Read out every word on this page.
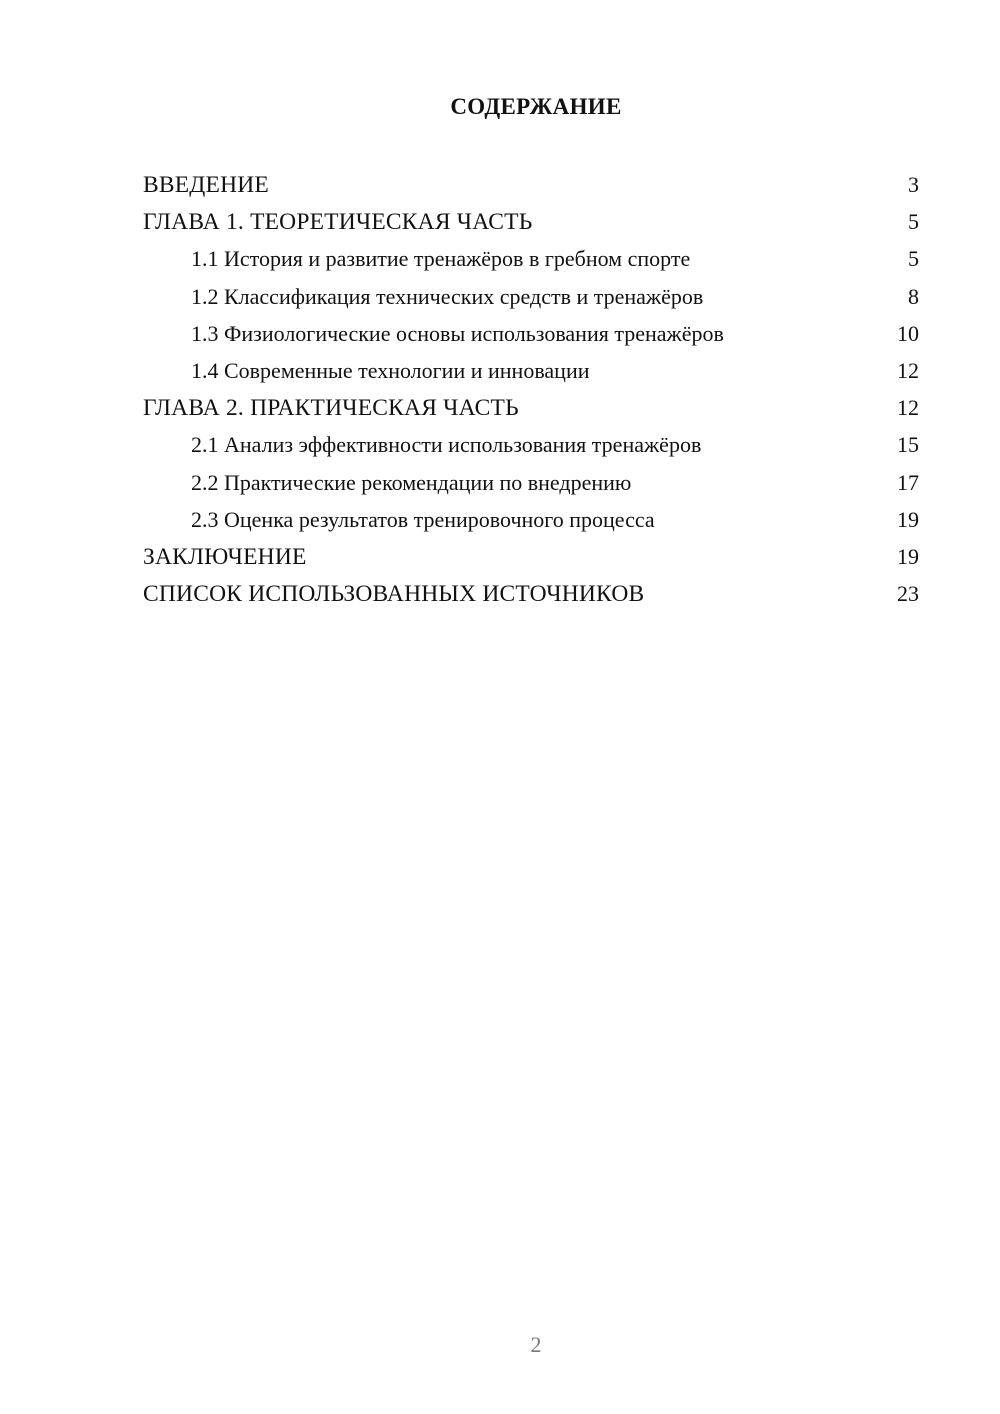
СОДЕРЖАНИЕ
ВВЕДЕНИЕ	3
ГЛАВА 1. ТЕОРЕТИЧЕСКАЯ ЧАСТЬ	5
1.1 История и развитие тренажёров в гребном спорте	5
1.2 Классификация технических средств и тренажёров	8
1.3 Физиологические основы использования тренажёров	10
1.4 Современные технологии и инновации	12
ГЛАВА 2. ПРАКТИЧЕСКАЯ ЧАСТЬ	12
2.1 Анализ эффективности использования тренажёров	15
2.2 Практические рекомендации по внедрению	17
2.3 Оценка результатов тренировочного процесса	19
ЗАКЛЮЧЕНИЕ	19
СПИСОК ИСПОЛЬЗОВАННЫХ ИСТОЧНИКОВ	23
2
